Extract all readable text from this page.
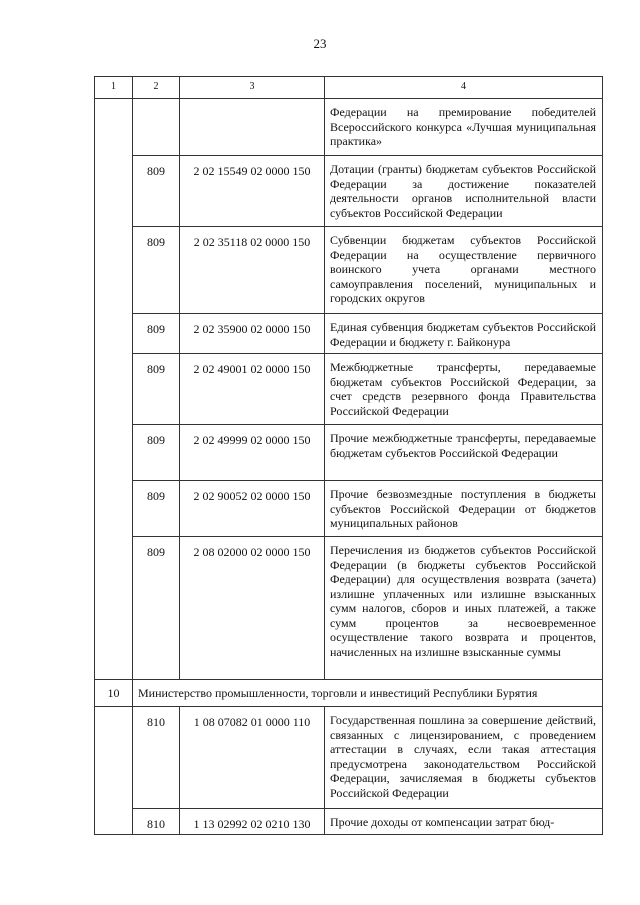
23
1	2	3	4
			Федерации на премирование победителей Всероссийского конкурса «Лучшая муниципальная практика»
	809	2 02 15549 02 0000 150	Дотации (гранты) бюджетам субъектов Российской Федерации за достижение показателей деятельности органов исполнительной власти субъектов Российской Федерации
	809	2 02 35118 02 0000 150	Субвенции бюджетам субъектов Российской Федерации на осуществление первичного воинского учета органами местного самоуправления поселений, муниципальных и городских округов
	809	2 02 35900 02 0000 150	Единая субвенция бюджетам субъектов Российской Федерации и бюджету г. Байконура
	809	2 02 49001 02 0000 150	Межбюджетные трансферты, передаваемые бюджетам субъектов Российской Федерации, за счет средств резервного фонда Правительства Российской Федерации
	809	2 02 49999 02 0000 150	Прочие межбюджетные трансферты, передаваемые бюджетам субъектов Российской Федерации
	809	2 02 90052 02 0000 150	Прочие безвозмездные поступления в бюджеты субъектов Российской Федерации от бюджетов муниципальных районов
	809	2 08 02000 02 0000 150	Перечисления из бюджетов субъектов Российской Федерации (в бюджеты субъектов Российской Федерации) для осуществления возврата (зачета) излишне уплаченных или излишне взысканных сумм налогов, сборов и иных платежей, а также сумм процентов за несвоевременное осуществление такого возврата и процентов, начисленных на излишне взысканные суммы
10	Министерство промышленности, торговли и инвестиций Республики Бурятия		
	810	1 08 07082 01 0000 110	Государственная пошлина за совершение действий, связанных с лицензированием, с проведением аттестации в случаях, если такая аттестация предусмотрена законодательством Российской Федерации, зачисляемая в бюджеты субъектов Российской Федерации
	810	1 13 02992 02 0210 130	Прочие доходы от компенсации затрат бюд-
